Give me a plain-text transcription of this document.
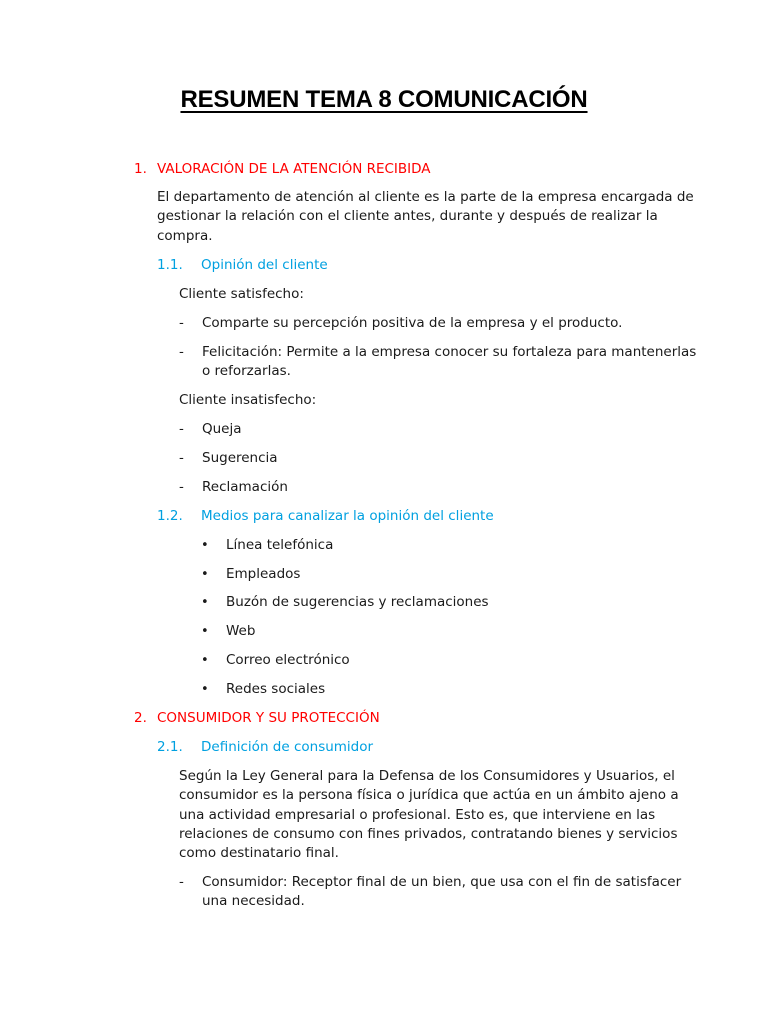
RESUMEN TEMA 8 COMUNICACIÓN
1. VALORACIÓN DE LA ATENCIÓN RECIBIDA
El departamento de atención al cliente es la parte de la empresa encargada de
gestionar la relación con el cliente antes, durante y después de realizar la
compra.
1.1. Opinión del cliente
Cliente satisfecho:
- Comparte su percepción positiva de la empresa y el producto.
- Felicitación: Permite a la empresa conocer su fortaleza para mantenerlas
o reforzarlas.
Cliente insatisfecho:
- Queja
- Sugerencia
- Reclamación
1.2. Medios para canalizar la opinión del cliente
• Línea telefónica
• Empleados
• Buzón de sugerencias y reclamaciones
• Web
• Correo electrónico
• Redes sociales
2. CONSUMIDOR Y SU PROTECCIÓN
2.1. Definición de consumidor
Según la Ley General para la Defensa de los Consumidores y Usuarios, el
consumidor es la persona física o jurídica que actúa en un ámbito ajeno a
una actividad empresarial o profesional. Esto es, que interviene en las
relaciones de consumo con fines privados, contratando bienes y servicios
como destinatario final.
- Consumidor: Receptor final de un bien, que usa con el fin de satisfacer
una necesidad.
